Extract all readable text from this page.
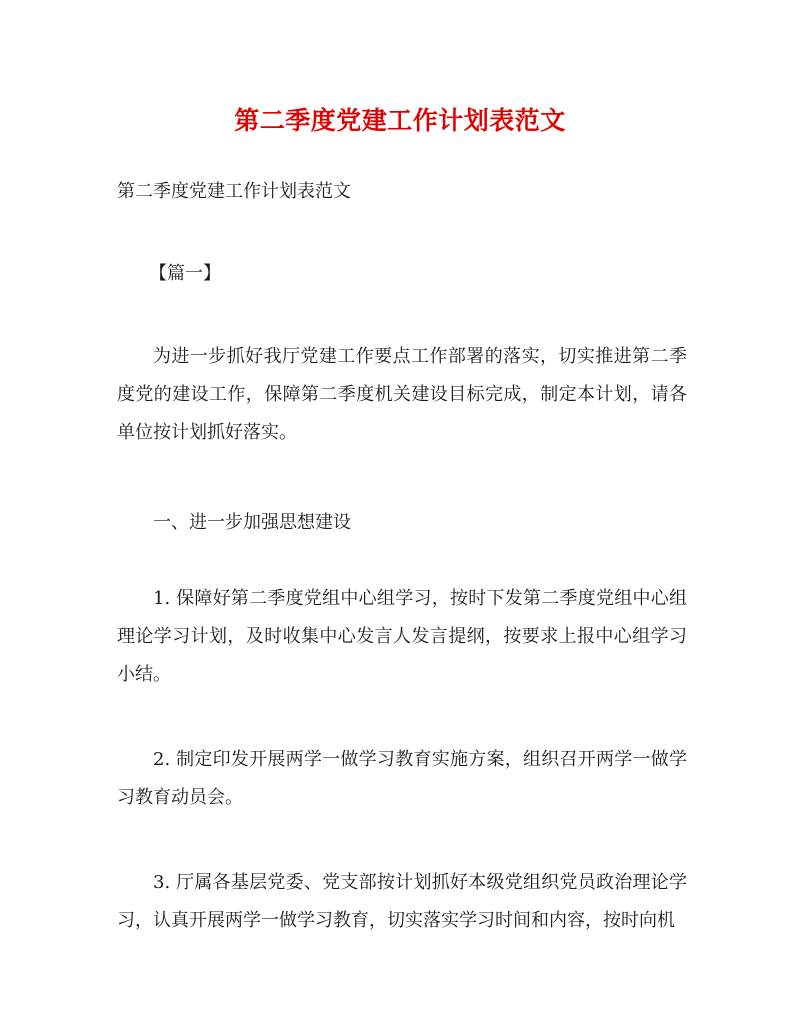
第二季度党建工作计划表范文
第二季度党建工作计划表范文
【篇一】

为进一步抓好我厅党建工作要点工作部署的落实，切实推进第二季度党的建设工作，保障第二季度机关建设目标完成，制定本计划，请各单位按计划抓好落实。

一、进一步加强思想建设

1. 保障好第二季度党组中心组学习，按时下发第二季度党组中心组理论学习计划，及时收集中心发言人发言提纲，按要求上报中心组学习小结。

2. 制定印发开展两学一做学习教育实施方案，组织召开两学一做学习教育动员会。

3. 厅属各基层党委、党支部按计划抓好本级党组织党员政治理论学习，认真开展两学一做学习教育，切实落实学习时间和内容，按时向机
